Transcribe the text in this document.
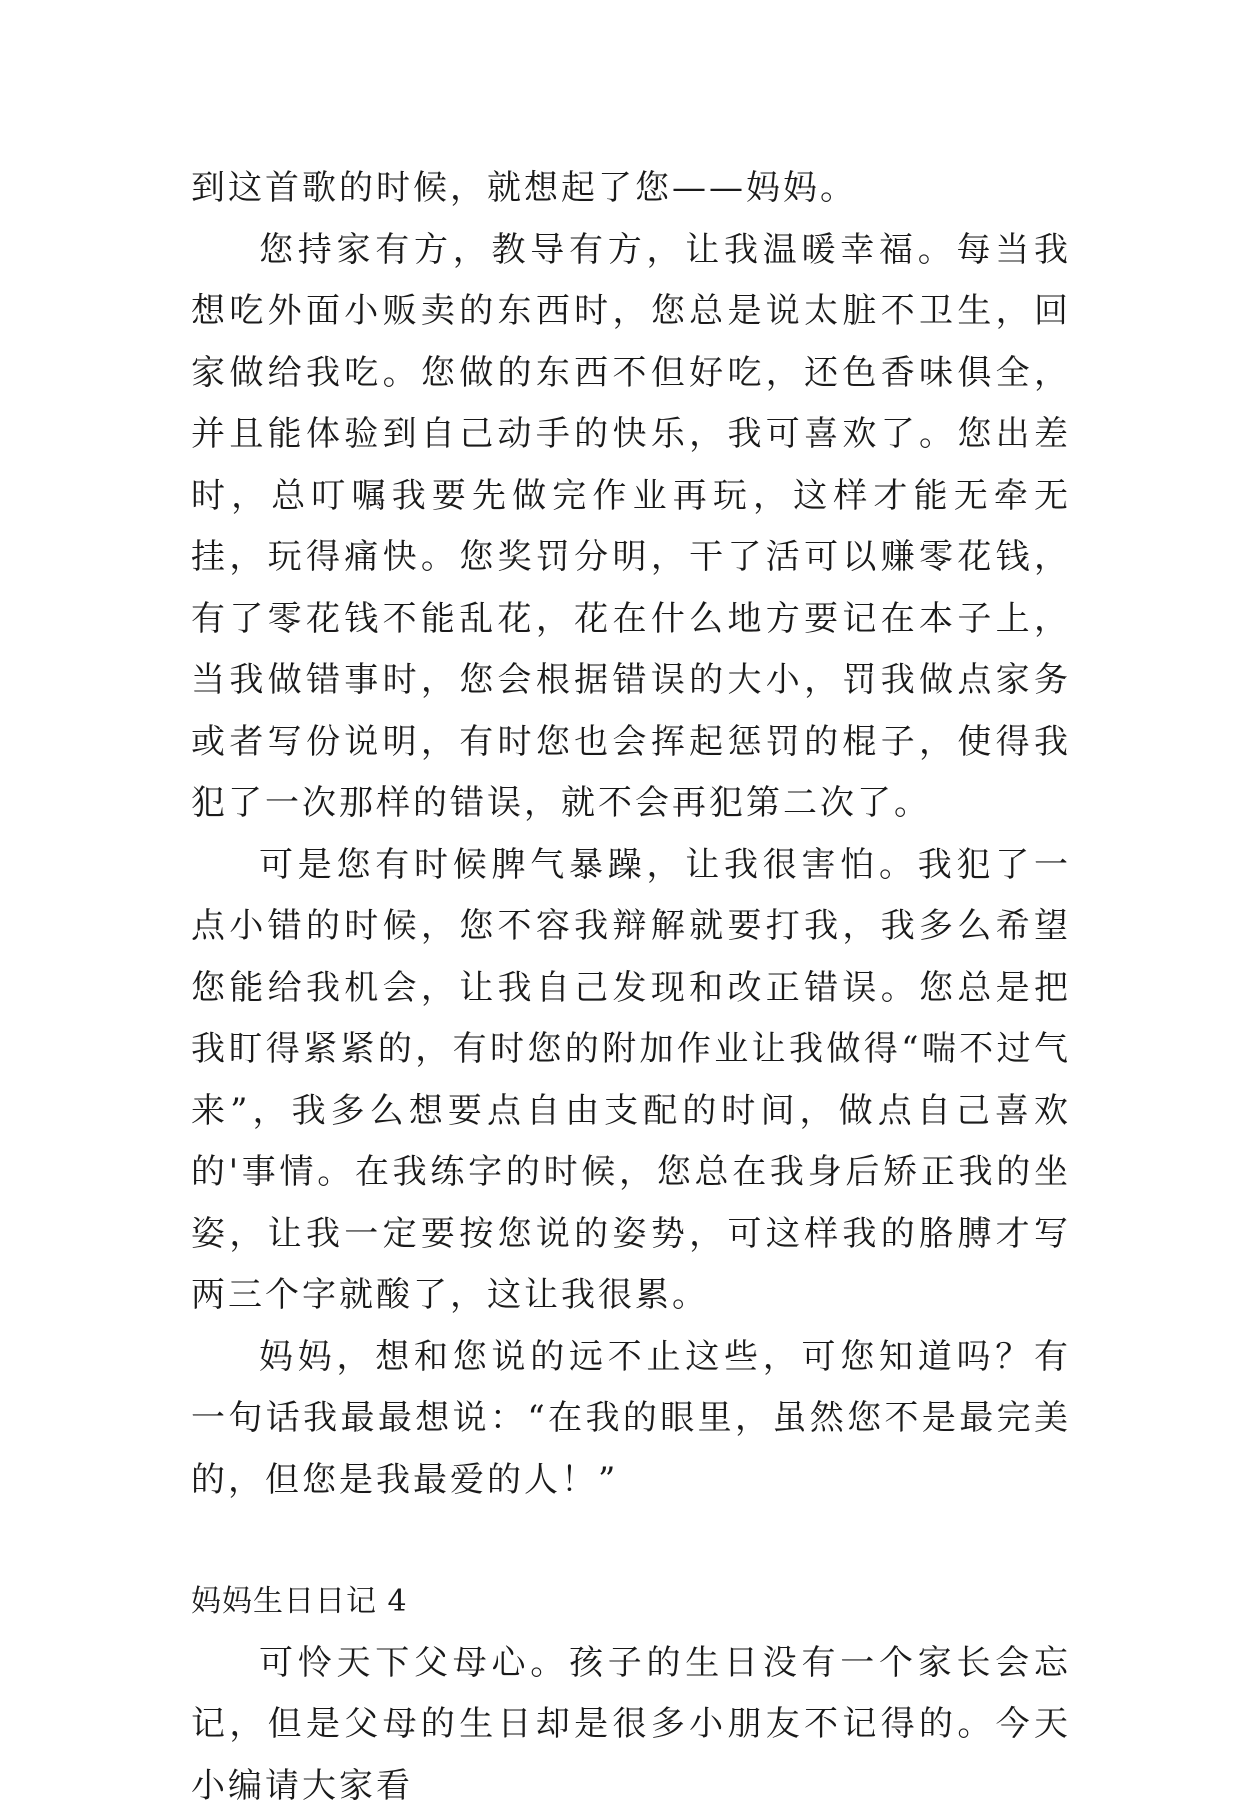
到这首歌的时候，就想起了您——妈妈。

您持家有方，教导有方，让我温暖幸福。每当我想吃外面小贩卖的东西时，您总是说太脏不卫生，回家做给我吃。您做的东西不但好吃，还色香味俱全，并且能体验到自己动手的快乐，我可喜欢了。您出差时，总叮嘱我要先做完作业再玩，这样才能无牵无挂，玩得痛快。您奖罚分明，干了活可以赚零花钱，有了零花钱不能乱花，花在什么地方要记在本子上，当我做错事时，您会根据错误的大小，罚我做点家务或者写份说明，有时您也会挥起惩罚的棍子，使得我犯了一次那样的错误，就不会再犯第二次了。

可是您有时候脾气暴躁，让我很害怕。我犯了一点小错的时候，您不容我辩解就要打我，我多么希望您能给我机会，让我自己发现和改正错误。您总是把我盯得紧紧的，有时您的附加作业让我做得“喘不过气来”，我多么想要点自由支配的时间，做点自己喜欢的'事情。在我练字的时候，您总在我身后矫正我的坐姿，让我一定要按您说的姿势，可这样我的胳膊才写两三个字就酸了，这让我很累。

妈妈，想和您说的远不止这些，可您知道吗？有一句话我最最想说：“在我的眼里，虽然您不是最完美的，但您是我最爱的人！”

妈妈生日日记 4

可怜天下父母心。孩子的生日没有一个家长会忘记，但是父母的生日却是很多小朋友不记得的。今天小编请大家看
